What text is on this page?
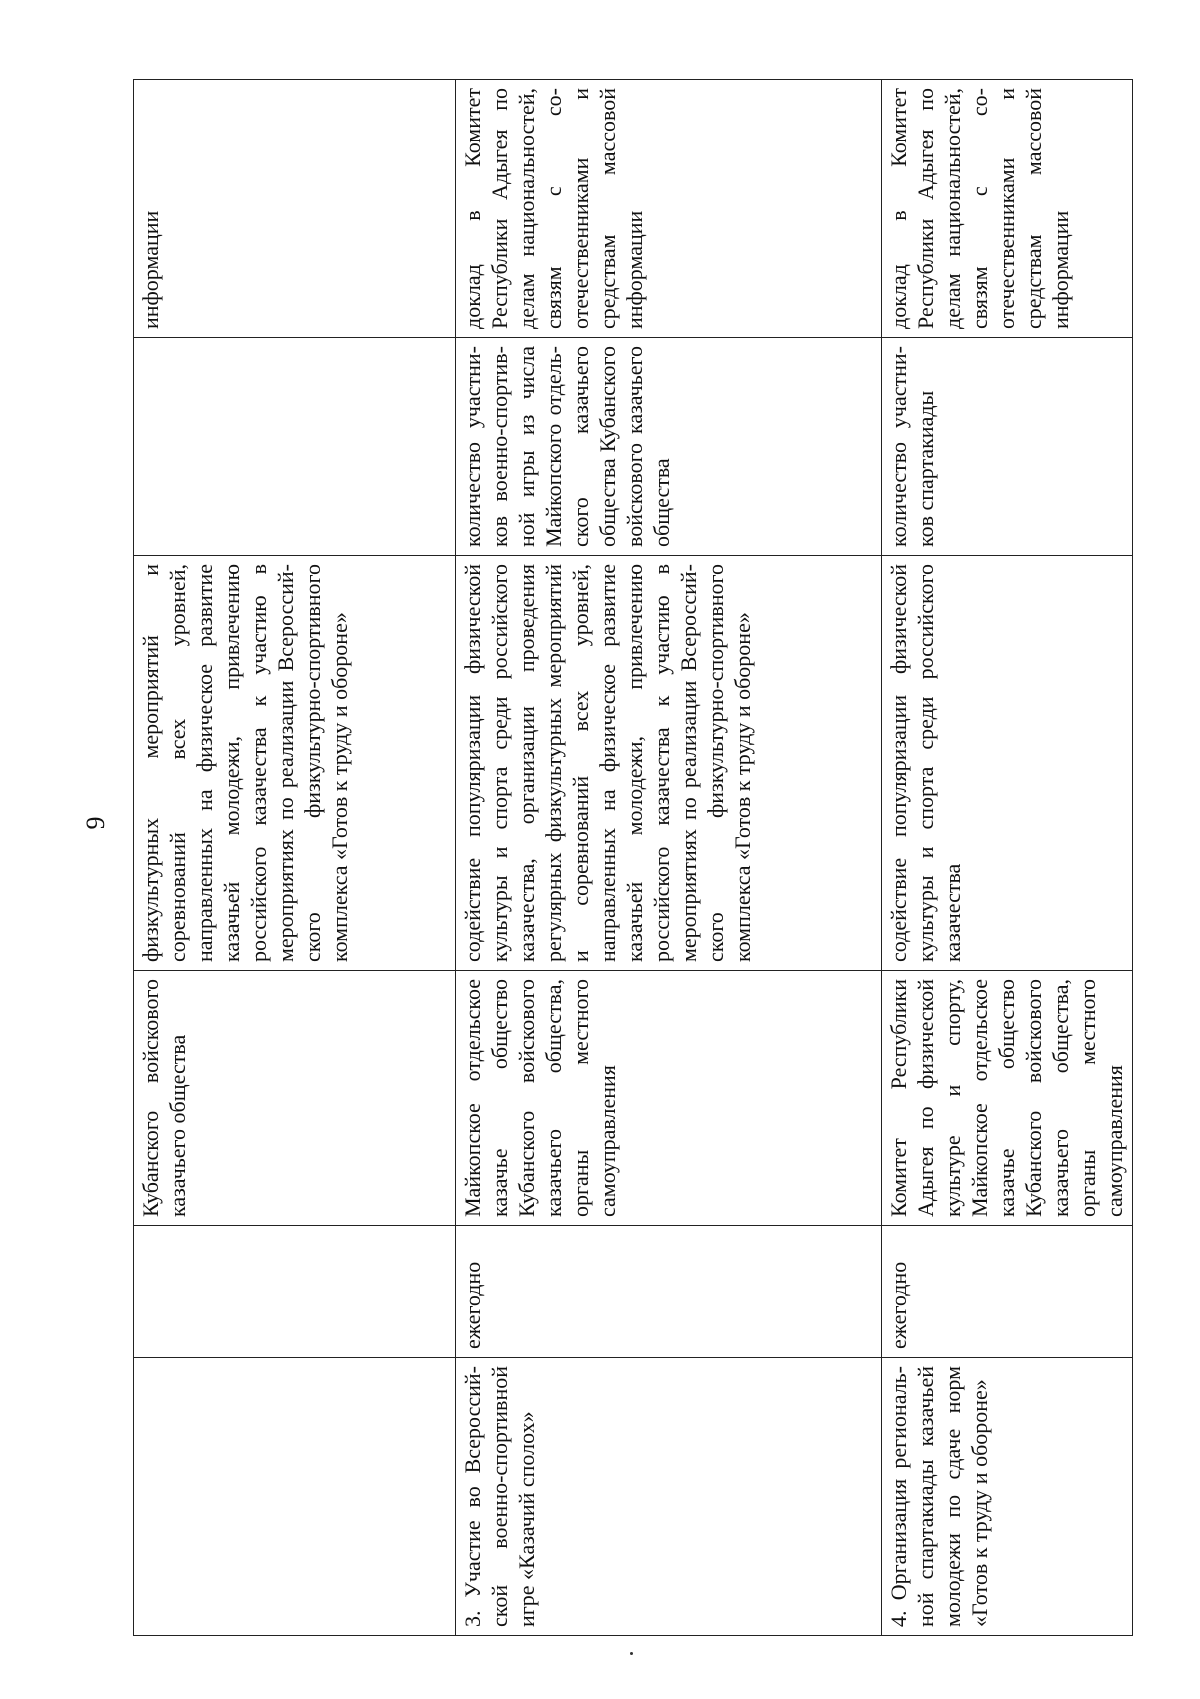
9
		Кубанского войскового казачьего общества	физкультурных мероприятий и соревнований всех уровней, направленных на физическое развитие казачьей молодежи, привлечению российского казачества к участию в мероприятиях по реализации Всероссийского физкультурно-спортивного комплекса «Готов к труду и обороне»		информации
3. Участие во Всероссийской военно-спортивной игре «Казачий сполох»	ежегодно	Майкопское отдельское казачье общество Кубанского войскового казачьего общества, органы местного самоуправления	содействие популяризации физической культуры и спорта среди российского казачества, организации проведения регулярных физкультурных мероприятий и соревнований всех уровней, направленных на физическое развитие казачьей молодежи, привлечению российского казачества к участию в мероприятиях по реализации Всероссийского физкультурно-спортивного комплекса «Готов к труду и обороне»	количество участников военно-спортивной игры из числа Майкопского отдельского казачьего общества Кубанского войскового казачьего общества	доклад в Комитет Республики Адыгея по делам национальностей, связям с соотечественниками и средствам массовой информации
4. Организация региональной спартакиады казачьей молодежи по сдаче норм «Готов к труду и обороне»	ежегодно	Комитет Республики Адыгея по физической культуре и спорту, Майкопское отдельское казачье общество Кубанского войскового казачьего общества, органы местного самоуправления	содействие популяризации физической культуры и спорта среди российского казачества	количество участников спартакиады	доклад в Комитет Республики Адыгея по делам национальностей, связям с соотечественниками и средствам массовой информации
